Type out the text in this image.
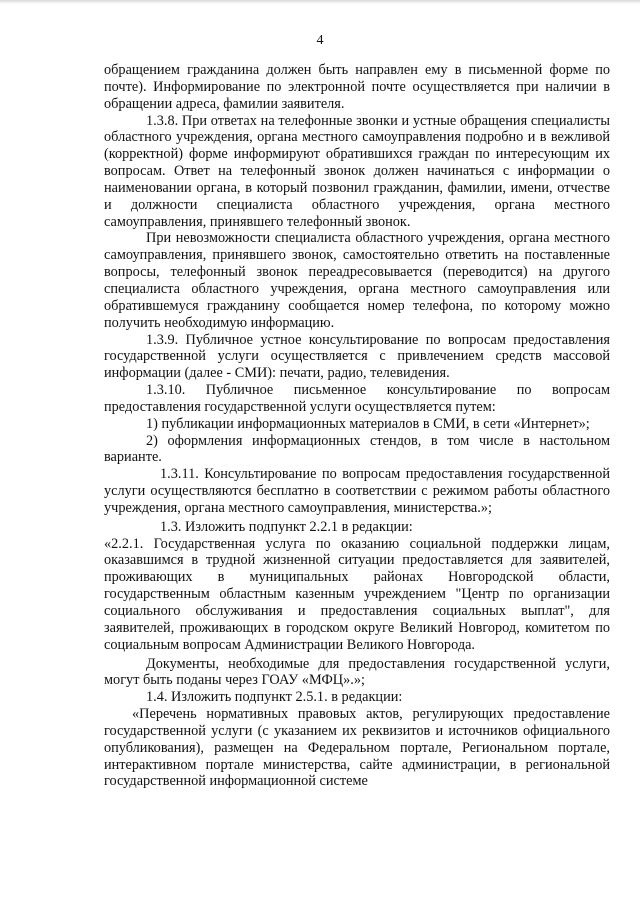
4

обращением гражданина должен быть направлен ему в письменной форме по почте). Информирование по электронной почте осуществляется при наличии в обращении адреса, фамилии заявителя.

1.3.8. При ответах на телефонные звонки и устные обращения специалисты областного учреждения, органа местного самоуправления подробно и в вежливой (корректной) форме информируют обратившихся граждан по интересующим их вопросам. Ответ на телефонный звонок должен начинаться с информации о наименовании органа, в который позвонил гражданин, фамилии, имени, отчестве и должности специалиста областного учреждения, органа местного самоуправления, принявшего телефонный звонок.

При невозможности специалиста областного учреждения, органа местного самоуправления, принявшего звонок, самостоятельно ответить на поставленные вопросы, телефонный звонок переадресовывается (переводится) на другого специалиста областного учреждения, органа местного самоуправления или обратившемуся гражданину сообщается номер телефона, по которому можно получить необходимую информацию.

1.3.9. Публичное устное консультирование по вопросам предоставления государственной услуги осуществляется с привлечением средств массовой информации (далее - СМИ): печати, радио, телевидения.

1.3.10. Публичное письменное консультирование по вопросам предоставления государственной услуги осуществляется путем:

1) публикации информационных материалов в СМИ, в сети «Интернет»;

2) оформления информационных стендов, в том числе в настольном варианте.

1.3.11. Консультирование по вопросам предоставления государственной услуги осуществляются бесплатно в соответствии с режимом работы областного учреждения, органа местного самоуправления, министерства.»;

1.3. Изложить подпункт 2.2.1 в редакции:

«2.2.1. Государственная услуга по оказанию социальной поддержки лицам, оказавшимся в трудной жизненной ситуации предоставляется для заявителей, проживающих в муниципальных районах Новгородской области, государственным областным казенным учреждением "Центр по организации социального обслуживания и предоставления социальных выплат", для заявителей, проживающих в городском округе Великий Новгород, комитетом по социальным вопросам Администрации Великого Новгорода.

Документы, необходимые для предоставления государственной услуги, могут быть поданы через ГОАУ «МФЦ».»;

1.4. Изложить подпункт 2.5.1. в редакции:

«Перечень нормативных правовых актов, регулирующих предоставление государственной услуги (с указанием их реквизитов и источников официального опубликования), размещен на Федеральном портале, Региональном портале, интерактивном портале министерства, сайте администрации, в региональной государственной информационной системе
